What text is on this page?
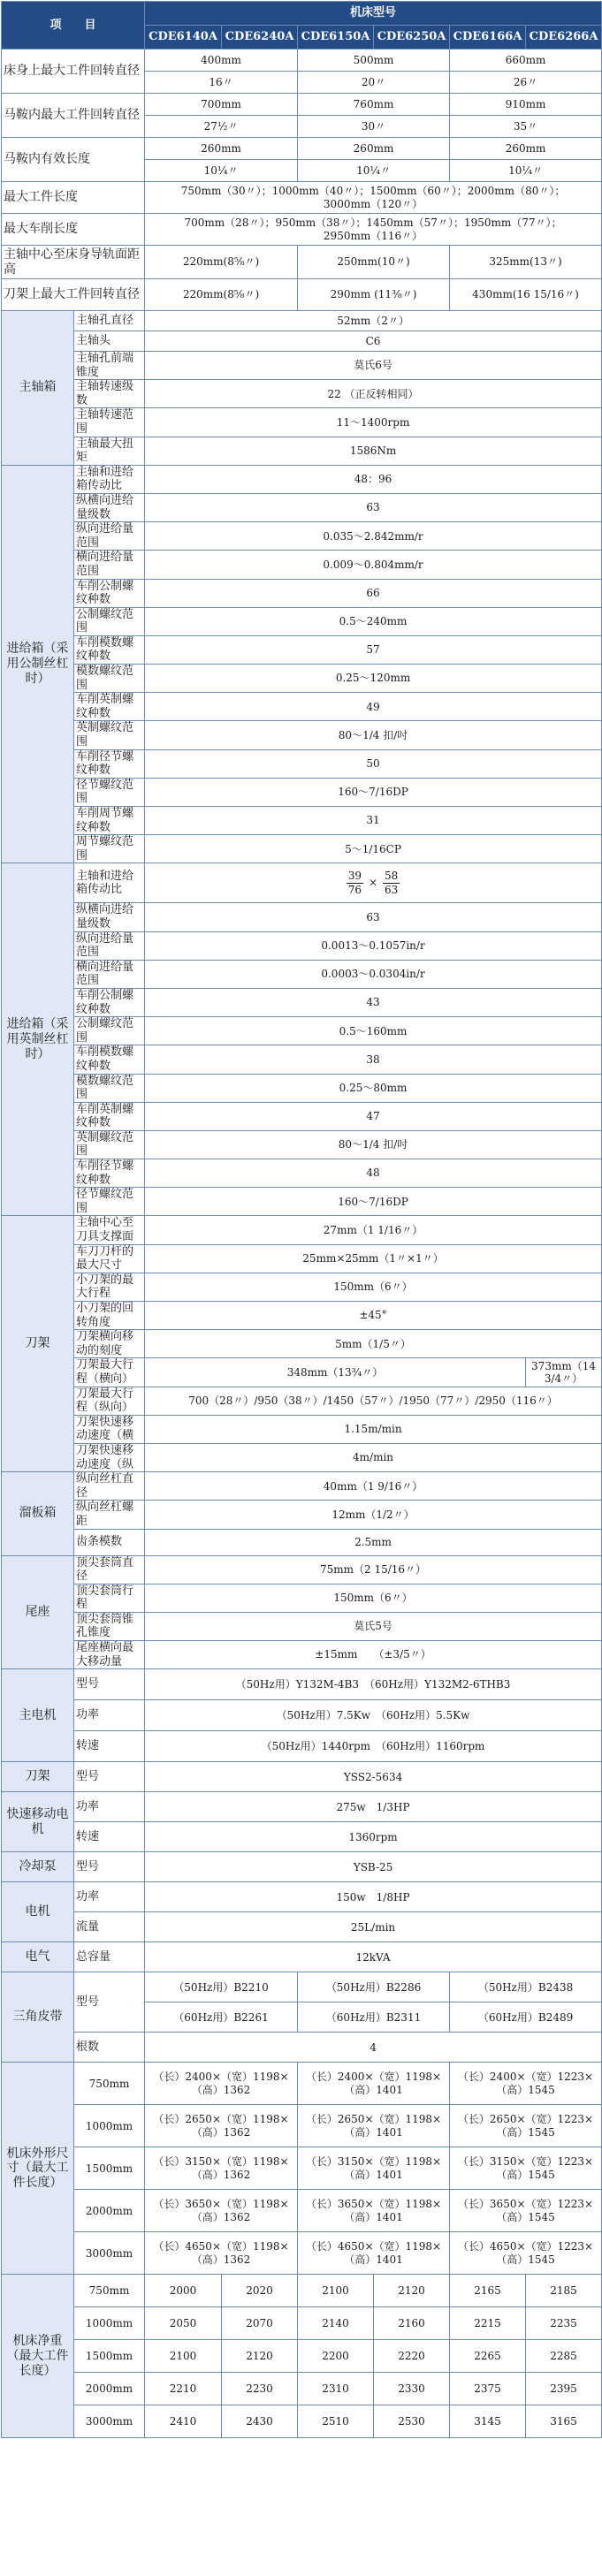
项　　目		机床型号					
		CDE6140A	CDE6240A	CDE6150A	CDE6250A	CDE6166A	CDE6266A
床身上最大工件回转直径		400mm		500mm		660mm	
		16〃		20〃		26〃	
马鞍内最大工件回转直径		700mm		760mm		910mm	
		27½〃		30〃		35〃	
马鞍内有效长度		260mm		260mm		260mm	
		10¼〃		10¼〃		10¼〃	
最大工件长度		750mm（30〃）；1000mm（40〃）；1500mm（60〃）；2000mm（80〃）；
3000mm（120〃）					
最大车削长度		700mm（28〃）；950mm（38〃）；1450mm（57〃）；1950mm（77〃）；
2950mm（116〃）					
主轴中心至床身导轨面距高		220mm(8⅝〃)		250mm(10〃)		325mm(13〃)	
刀架上最大工件回转直径		220mm(8⅝〃)		290mm (11⅜〃)		430mm(16 15/16〃)	
主轴箱	主轴孔直径	52mm（2〃）					
	主轴头	C6					
	主轴孔前端锥度	莫氏6号					
	主轴转速级数	22 （正反转相同）					
	主轴转速范围	11～1400rpm					
	主轴最大扭矩	1586Nm					
进给箱（采用公制丝杠时）	主轴和进给箱传动比	48：96					
	纵横向进给量级数	63					
	纵向进给量范围	0.035～2.842mm/r					
	横向进给量范围	0.009～0.804mm/r					
	车削公制螺纹种数	66					
	公制螺纹范围	0.5～240mm					
	车削模数螺纹种数	57					
	模数螺纹范围	0.25～120mm					
	车削英制螺纹种数	49					
	英制螺纹范围	80～1/4 扣/吋					
	车削径节螺纹种数	50					
	径节螺纹范围	160～7/16DP					
	车削周节螺纹种数	31					
	周节螺纹范围	5～1/16CP					
进给箱（采用英制丝杠时）	主轴和进给箱传动比	$\frac{39}{76} \times \frac{58}{63}$

	纵横向进给量级数	63					
	纵向进给量范围	0.0013～0.1057in/r					
	横向进给量范围	0.0003～0.0304in/r					
	车削公制螺纹种数	43					
	公制螺纹范围	0.5～160mm					
	车削模数螺纹种数	38					
	模数螺纹范围	0.25～80mm					
	车削英制螺纹种数	47					
	英制螺纹范围	80～1/4 扣/吋					
	车削径节螺纹种数	48					
	径节螺纹范围	160～7/16DP					
刀架	主轴中心至刀具支撑面	27mm（1 1/16〃）					
	车刀刀杆的最大尺寸	25mm×25mm（1〃×1〃）					
	小刀架的最大行程	150mm（6〃）					
	小刀架的回转角度	±45°					
	刀架横向移动的刻度	5mm（1/5〃）					
	刀架最大行程（横向）	348mm（13¾〃）					373mm（14 3/4〃）
	刀架最大行程（纵向）	700（28〃）/950（38〃）/1450（57〃）/1950（77〃）/2950（116〃）					
	刀架快速移动速度（横	1.15m/min					
	刀架快速移动速度（纵	4m/min					
溜板箱	纵向丝杠直径	40mm（1 9/16〃）					
	纵向丝杠螺距	12mm（1/2〃）					
	齿条模数	2.5mm					
尾座	顶尖套筒直径	75mm（2 15/16〃）					
	顶尖套筒行程	150mm（6〃）					
	顶尖套筒锥孔锥度	莫氏5号					
	尾座横向最大移动量	±15mm　　（±3/5〃）					
主电机	型号	（50Hz用）Y132M-4B3　（60Hz用）Y132M2-6THB3					
	功率	（50Hz用）7.5Kw　（60Hz用）5.5Kw					
	转速	（50Hz用）1440rpm　（60Hz用）1160rpm					
刀架	型号	YSS2-5634					
快速移动电机	功率	275w　1/3HP					
	转速	1360rpm					
冷却泵	型号	YSB-25					
电机	功率	150w　1/8HP					
	流量	25L/min					
电气	总容量	12kVA					
三角皮带	型号	（50Hz用）B2210		（50Hz用）B2286		（50Hz用）B2438	
		（60Hz用）B2261		（60Hz用）B2311		（60Hz用）B2489	
	根数	4					
机床外形尺寸（最大工件长度）	750mm	（长）2400×（宽）1198×（高）1362		（长）2400×（宽）1198×（高）1401		（长）2400×（宽）1223×（高）1545	
	1000mm	（长）2650×（宽）1198×（高）1362		（长）2650×（宽）1198×（高）1401		（长）2650×（宽）1223×（高）1545	
	1500mm	（长）3150×（宽）1198×（高）1362		（长）3150×（宽）1198×（高）1401		（长）3150×（宽）1223×（高）1545	
	2000mm	（长）3650×（宽）1198×（高）1362		（长）3650×（宽）1198×（高）1401		（长）3650×（宽）1223×（高）1545	
	3000mm	（长）4650×（宽）1198×（高）1362		（长）4650×（宽）1198×（高）1401		（长）4650×（宽）1223×（高）1545	
机床净重（最大工件长度）	750mm	2000	2020	2100	2120	2165	2185
	1000mm	2050	2070	2140	2160	2215	2235
	1500mm	2100	2120	2200	2220	2265	2285
	2000mm	2210	2230	2310	2330	2375	2395
	3000mm	2410	2430	2510	2530	3145	3165
